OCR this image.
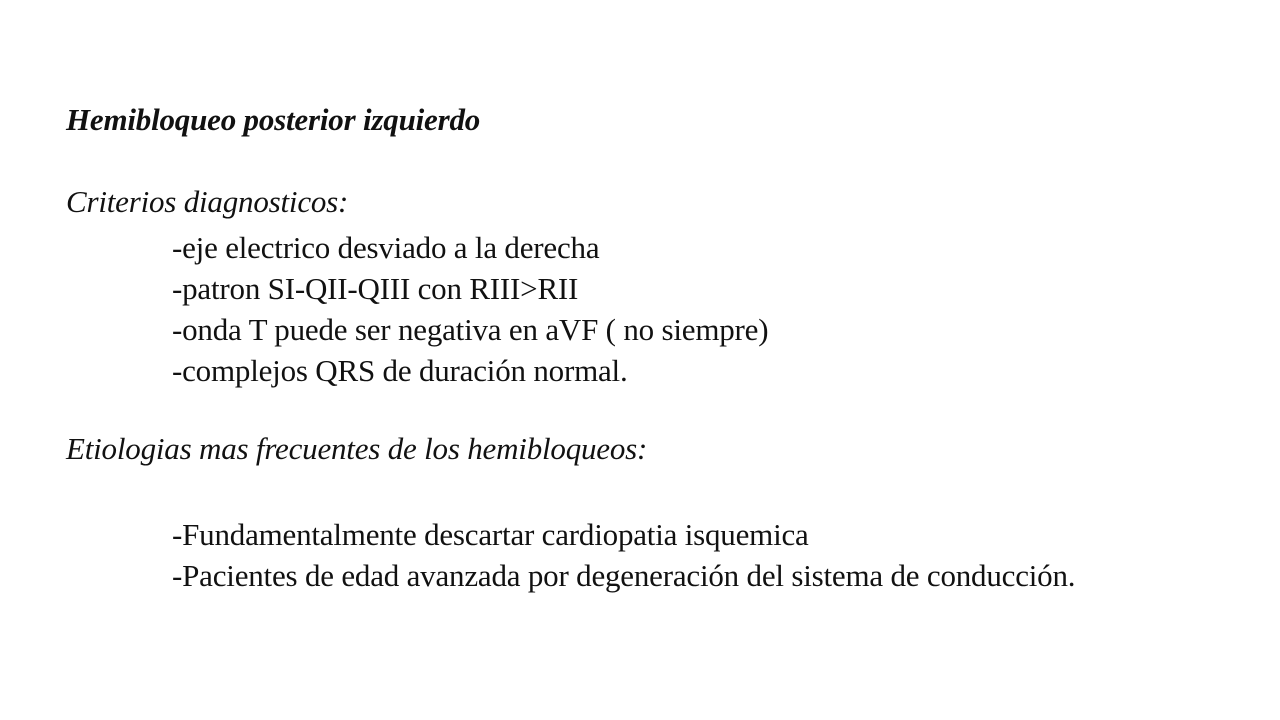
Hemibloqueo posterior izquierdo
Criterios diagnosticos:
-eje electrico desviado a la derecha
-patron SI-QII-QIII con RIII>RII
-onda T puede ser negativa en aVF ( no siempre)
-complejos QRS de duración normal.
Etiologias mas frecuentes de los hemibloqueos:
-Fundamentalmente descartar cardiopatia isquemica
-Pacientes de edad avanzada por degeneración del sistema de conducción.
